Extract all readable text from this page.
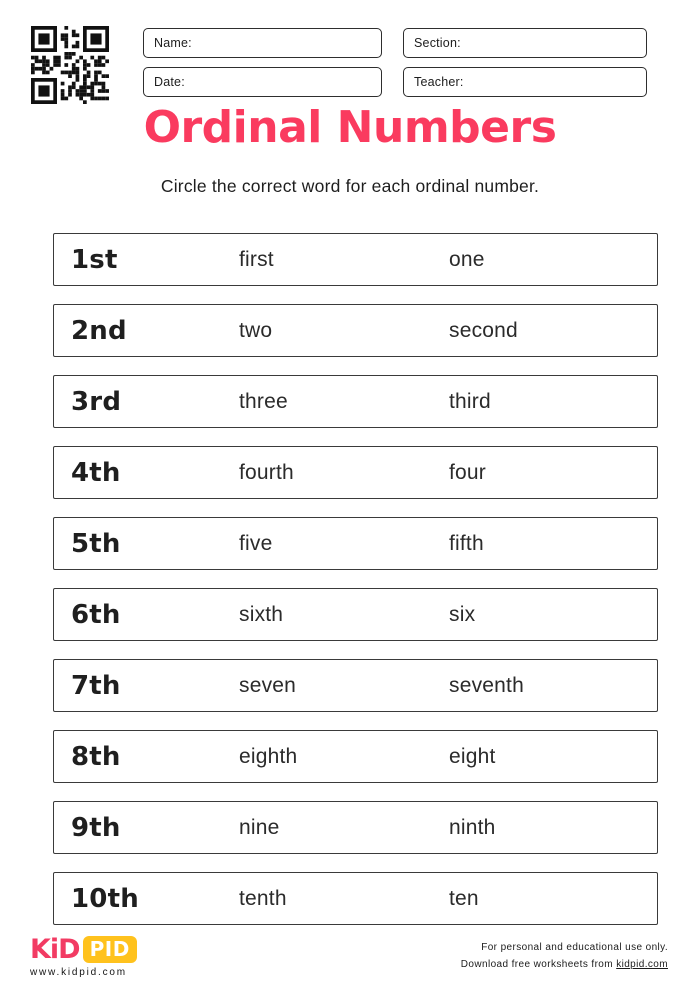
Name:	Section:
Date:	Teacher:
Ordinal Numbers
Circle the correct word for each ordinal number.
1st	first	one
2nd	two	second
3rd	three	third
4th	fourth	four
5th	five	fifth
6th	sixth	six
7th	seven	seventh
8th	eighth	eight
9th	nine	ninth
10th	tenth	ten
KiD PID
www.kidpid.com
For personal and educational use only.
Download free worksheets from kidpid.com
